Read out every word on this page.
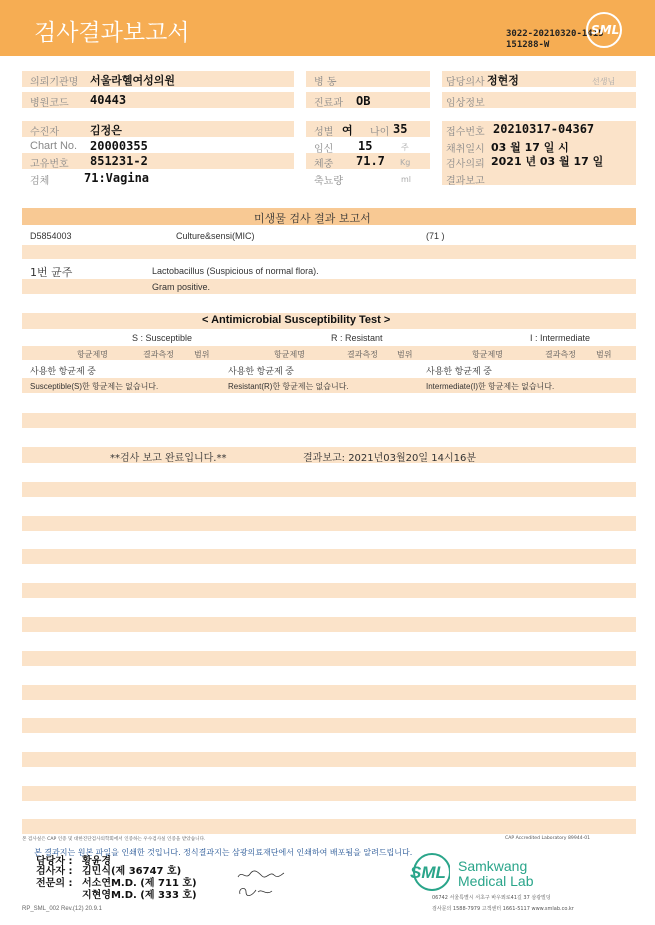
검사결과보고서	3022-20210320-1415
151288-W
SML
의뢰기관명 서울라헬여성의원	병 동	담당의사 정현정	선생님
병원코드 40443	진료과 OB	임상정보
수진자	김정은	성별 여 나이 35	접수번호 20210317-04367
Chart No. 20000355	임신 15	주	채취일시 03 월 17 일 시
고유번호 851231-2	체중 71.7 Kg	검사의뢰 2021 년 03 월 17 일
검체	71:Vagina	축뇨량	ml	결과보고
미생물 검사 결과 보고서
D5854003	Culture&sensi(MIC)	(71 )
1번 균주	Lactobacillus (Suspicious of normal flora).
Gram positive.
< Antimicrobial Susceptibility Test >
S : Susceptible	R : Resistant	I : Intermediate
항균제명	결과측정	범위	항균제명	결과측정 범위	항균제명	결과측정	범위
사용한 항균제 중	사용한 항균제 중	사용한 항균제 중
Susceptible(S)한 항균제는 없습니다.	Resistant(R)한 항균제는 없습니다.	Intermediate(I)한 항균제는 없습니다.
**검사 보고 완료입니다.**	결과보고: 2021년03월20일 14시16분
본 검사실은 CAP 인증 및 대한진단검사의학회에서 인증하는 우수검사실 인증을 받았습니다.	CAP Accredited Laboratory 89944-01
본 결과지는 원본 파일을 인쇄한 것입니다. 정식결과지는 삼광의료재단에서 인쇄하여 배포됨을 알려드립니다.
담당자 : 황윤경
검사자 : 김민식(제 36747 호)
전문의 : 서소연M.D. (제 711 호)
지현영M.D. (제 333 호)
SML Samkwang
Medical Lab
06742 서울특별시 서초구 바우뫼로41길 37 삼광빌딩
검사문의 1588-7979 고객센터 1661-5117 www.smlab.co.kr
RP_SML_002 Rev.(12) 20.9.1
